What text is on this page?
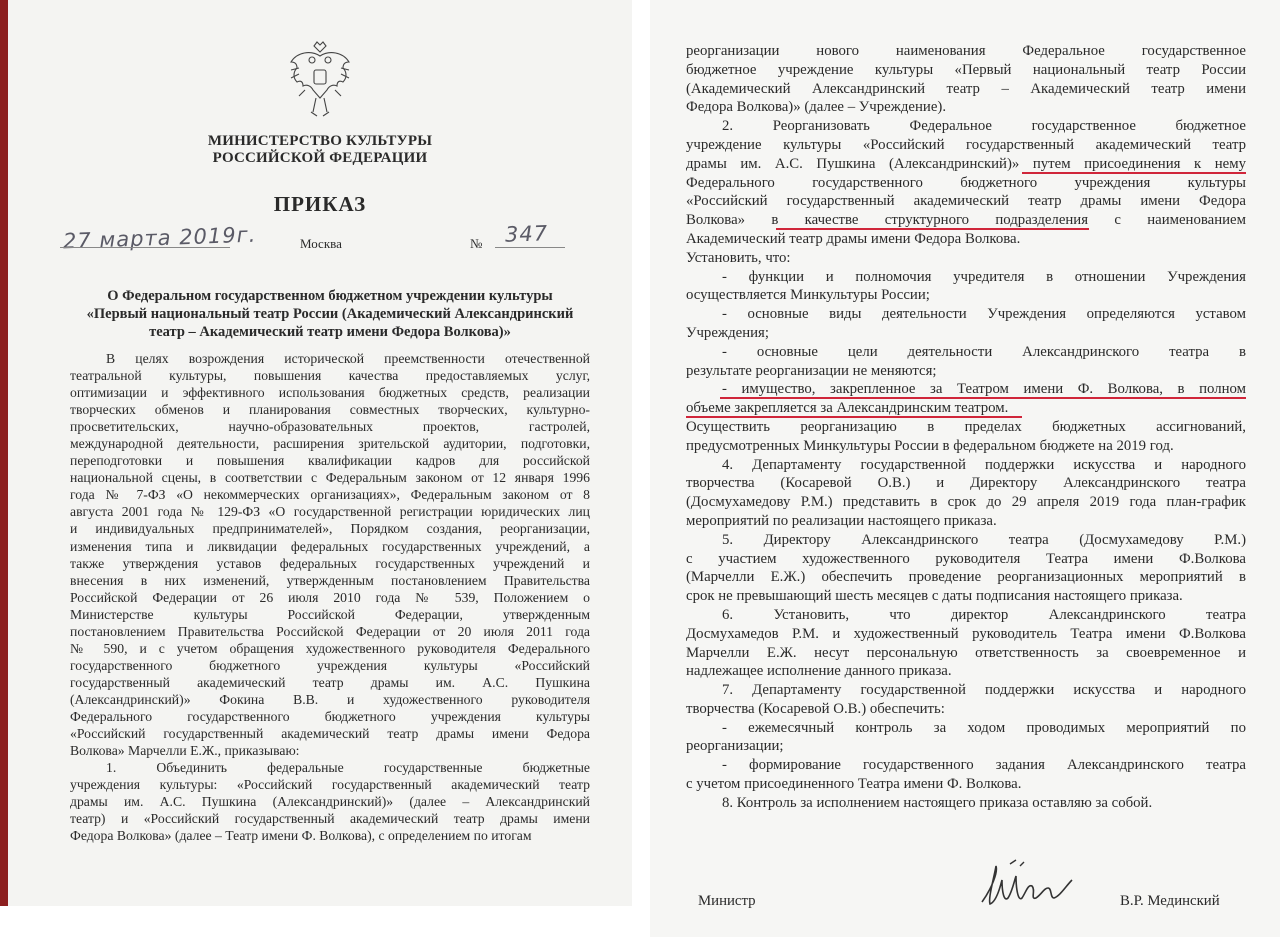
МИНИСТЕРСТВО КУЛЬТУРЫ
РОССИЙСКОЙ ФЕДЕРАЦИИ
ПРИКАЗ
27 марта 2019г.	Москва	№ 347
О Федеральном государственном бюджетном учреждении культуры
«Первый национальный театр России (Академический Александринский
театр – Академический театр имени Федора Волкова)»
В целях возрождения исторической преемственности отечественной
театральной культуры, повышения качества предоставляемых услуг,
оптимизации и эффективного использования бюджетных средств, реализации
творческих обменов и планирования совместных творческих, культурно-
просветительских, научно-образовательных проектов, гастролей,
международной деятельности, расширения зрительской аудитории, подготовки,
переподготовки и повышения квалификации кадров для российской
национальной сцены, в соответствии с Федеральным законом от 12 января 1996
года № 7-ФЗ «О некоммерческих организациях», Федеральным законом от 8
августа 2001 года № 129-ФЗ «О государственной регистрации юридических лиц
и индивидуальных предпринимателей», Порядком создания, реорганизации,
изменения типа и ликвидации федеральных государственных учреждений, а
также утверждения уставов федеральных государственных учреждений и
внесения в них изменений, утвержденным постановлением Правительства
Российской Федерации от 26 июля 2010 года № 539, Положением о
Министерстве культуры Российской Федерации, утвержденным
постановлением Правительства Российской Федерации от 20 июля 2011 года
№ 590, и с учетом обращения художественного руководителя Федерального
государственного бюджетного учреждения культуры «Российский
государственный академический театр драмы им. А.С. Пушкина
(Александринский)» Фокина В.В. и художественного руководителя
Федерального государственного бюджетного учреждения культуры
«Российский государственный академический театр драмы имени Федора
Волкова» Марчелли Е.Ж., приказываю:
1. Объединить федеральные государственные бюджетные
учреждения культуры: «Российский государственный академический театр
драмы им. А.С. Пушкина (Александринский)» (далее – Александринский
театр) и «Российский государственный академический театр драмы имени
Федора Волкова» (далее – Театр имени Ф. Волкова), с определением по итогам
реорганизации нового наименования Федеральное государственное
бюджетное учреждение культуры «Первый национальный театр России
(Академический Александринский театр – Академический театр имени
Федора Волкова)» (далее – Учреждение).
2. Реорганизовать Федеральное государственное бюджетное
учреждение культуры «Российский государственный академический театр
драмы им. А.С. Пушкина (Александринский)» путем присоединения к нему
Федерального государственного бюджетного учреждения культуры
«Российский государственный академический театр драмы имени Федора
Волкова» в качестве структурного подразделения с наименованием
Академический театр драмы имени Федора Волкова.
Установить, что:
- функции и полномочия учредителя в отношении Учреждения
осуществляется Минкультуры России;
- основные виды деятельности Учреждения определяются уставом
Учреждения;
- основные цели деятельности Александринского театра в
результате реорганизации не меняются;
- имущество, закрепленное за Театром имени Ф. Волкова, в полном
объеме закрепляется за Александринским театром.
Осуществить реорганизацию в пределах бюджетных ассигнований,
предусмотренных Минкультуры России в федеральном бюджете на 2019 год.
4. Департаменту государственной поддержки искусства и народного
творчества (Косаревой О.В.) и Директору Александринского театра
(Досмухамедову Р.М.) представить в срок до 29 апреля 2019 года план-график
мероприятий по реализации настоящего приказа.
5. Директору Александринского театра (Досмухамедову Р.М.)
с участием художественного руководителя Театра имени Ф.Волкова
(Марчелли Е.Ж.) обеспечить проведение реорганизационных мероприятий в
срок не превышающий шесть месяцев с даты подписания настоящего приказа.
6. Установить, что директор Александринского театра
Досмухамедов Р.М. и художественный руководитель Театра имени Ф.Волкова
Марчелли Е.Ж. несут персональную ответственность за своевременное и
надлежащее исполнение данного приказа.
7. Департаменту государственной поддержки искусства и народного
творчества (Косаревой О.В.) обеспечить:
- ежемесячный контроль за ходом проводимых мероприятий по
реорганизации;
- формирование государственного задания Александринского театра
с учетом присоединенного Театра имени Ф. Волкова.
8. Контроль за исполнением настоящего приказа оставляю за собой.
Министр	В.Р. Мединский
